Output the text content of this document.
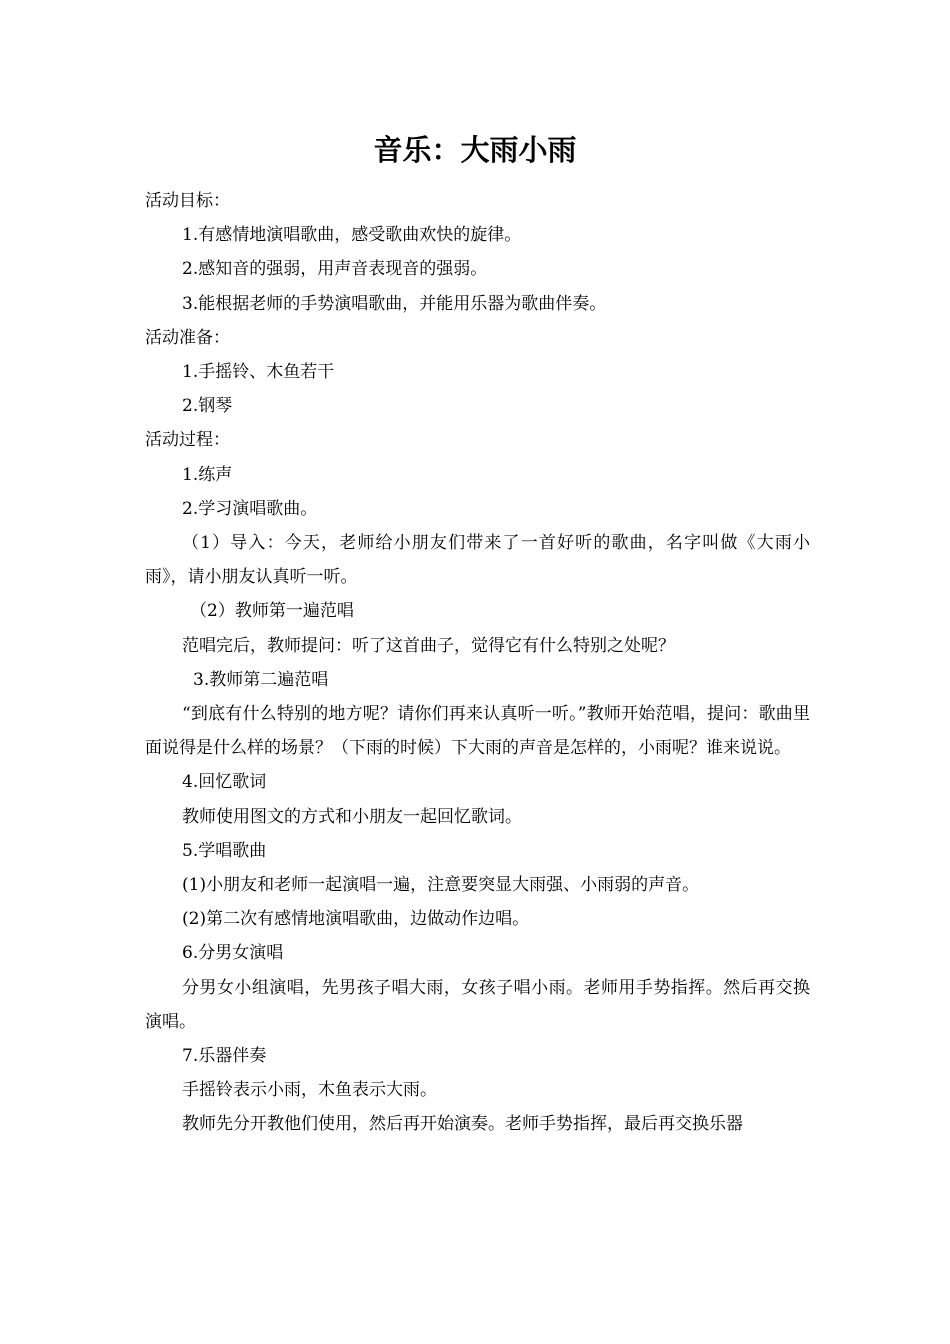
音乐：大雨小雨

活动目标：

1.有感情地演唱歌曲，感受歌曲欢快的旋律。

2.感知音的强弱，用声音表现音的强弱。

3.能根据老师的手势演唱歌曲，并能用乐器为歌曲伴奏。

活动准备：

1.手摇铃、木鱼若干

2.钢琴

活动过程：

1.练声

2.学习演唱歌曲。

（1）导入：今天，老师给小朋友们带来了一首好听的歌曲，名字叫做《大雨小雨》，请小朋友认真听一听。

（2）教师第一遍范唱

范唱完后，教师提问：听了这首曲子，觉得它有什么特别之处呢？

3.教师第二遍范唱

“到底有什么特别的地方呢？请你们再来认真听一听。”教师开始范唱，提问：歌曲里面说得是什么样的场景？（下雨的时候）下大雨的声音是怎样的，小雨呢？谁来说说。

4.回忆歌词

教师使用图文的方式和小朋友一起回忆歌词。

5.学唱歌曲

(1)小朋友和老师一起演唱一遍，注意要突显大雨强、小雨弱的声音。

(2)第二次有感情地演唱歌曲，边做动作边唱。

6.分男女演唱

分男女小组演唱，先男孩子唱大雨，女孩子唱小雨。老师用手势指挥。然后再交换演唱。

7.乐器伴奏

手摇铃表示小雨，木鱼表示大雨。

教师先分开教他们使用，然后再开始演奏。老师手势指挥，最后再交换乐器
